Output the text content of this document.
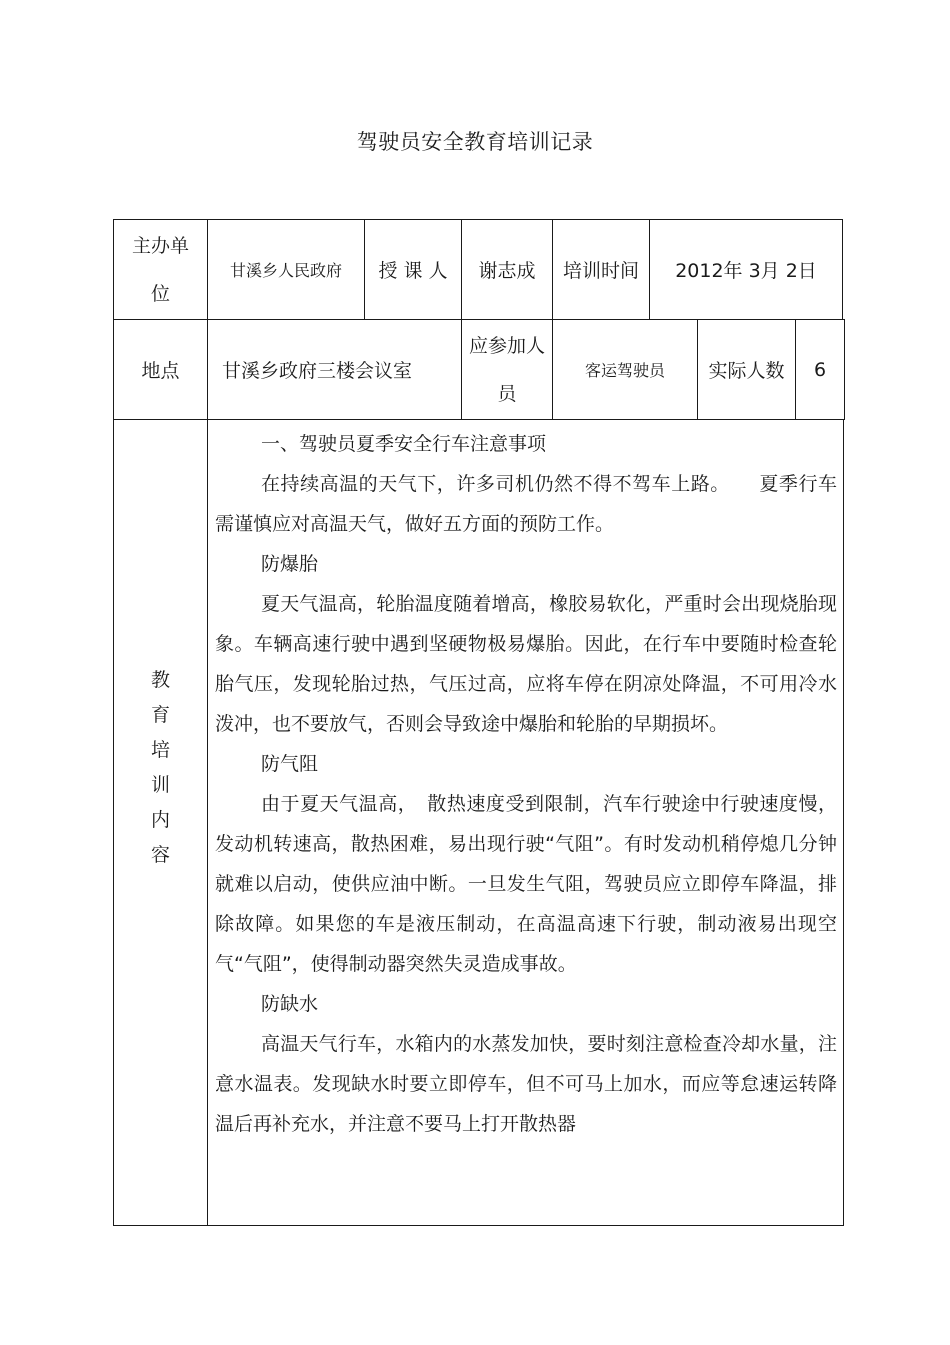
驾驶员安全教育培训记录
主办单
位
甘溪乡人民政府 授 课 人 谢志成 培训时间 2012年 3月 2日
地点 甘溪乡政府三楼会议室
应参加人
员
客运驾驶员 实际人数 6
教
育
培
训
内
容

一、驾驶员夏季安全行车注意事项

在持续高温的天气下，许多司机仍然不得不驾车上路。　　夏季行车需谨慎应对高温天气，做好五方面的预防工作。

防爆胎

夏天气温高，轮胎温度随着增高，橡胶易软化，严重时会出现烧胎现象。车辆高速行驶中遇到坚硬物极易爆胎。因此，在行车中要随时检查轮胎气压，发现轮胎过热，气压过高，应将车停在阴凉处降温，不可用冷水泼冲，也不要放气，否则会导致途中爆胎和轮胎的早期损坏。

防气阻

由于夏天气温高，　散热速度受到限制，汽车行驶途中行驶速度慢，发动机转速高，散热困难，易出现行驶“气阻”。有时发动机稍停熄几分钟就难以启动，使供应油中断。一旦发生气阻，驾驶员应立即停车降温，排除故障。如果您的车是液压制动，在高温高速下行驶，制动液易出现空气“气阻”，使得制动器突然失灵造成事故。

防缺水

高温天气行车，水箱内的水蒸发加快，要时刻注意检查冷却水量，注意水温表。发现缺水时要立即停车，但不可马上加水，而应等怠速运转降温后再补充水，并注意不要马上打开散热器
